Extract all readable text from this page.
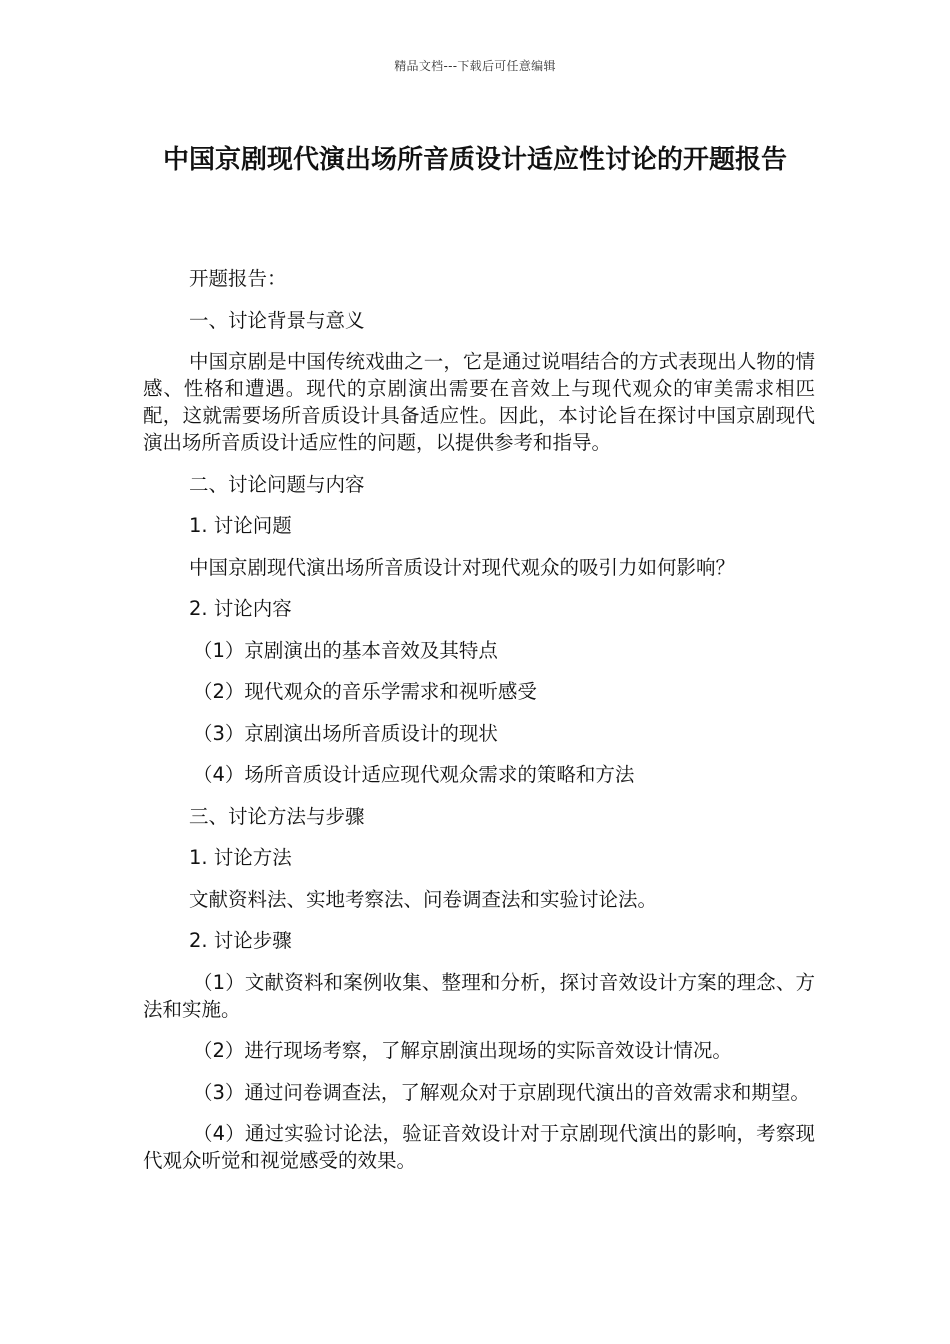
精品文档---下载后可任意编辑
中国京剧现代演出场所音质设计适应性讨论的开题报告

开题报告：

一、讨论背景与意义

中国京剧是中国传统戏曲之一，它是通过说唱结合的方式表现出人物的情感、性格和遭遇。现代的京剧演出需要在音效上与现代观众的审美需求相匹配，这就需要场所音质设计具备适应性。因此，本讨论旨在探讨中国京剧现代演出场所音质设计适应性的问题，以提供参考和指导。

二、讨论问题与内容

1. 讨论问题

中国京剧现代演出场所音质设计对现代观众的吸引力如何影响？

2. 讨论内容

（1）京剧演出的基本音效及其特点

（2）现代观众的音乐学需求和视听感受

（3）京剧演出场所音质设计的现状

（4）场所音质设计适应现代观众需求的策略和方法

三、讨论方法与步骤

1. 讨论方法

文献资料法、实地考察法、问卷调查法和实验讨论法。

2. 讨论步骤

（1）文献资料和案例收集、整理和分析，探讨音效设计方案的理念、方法和实施。

（2）进行现场考察，了解京剧演出现场的实际音效设计情况。

（3）通过问卷调查法，了解观众对于京剧现代演出的音效需求和期望。

（4）通过实验讨论法，验证音效设计对于京剧现代演出的影响，考察现代观众听觉和视觉感受的效果。
